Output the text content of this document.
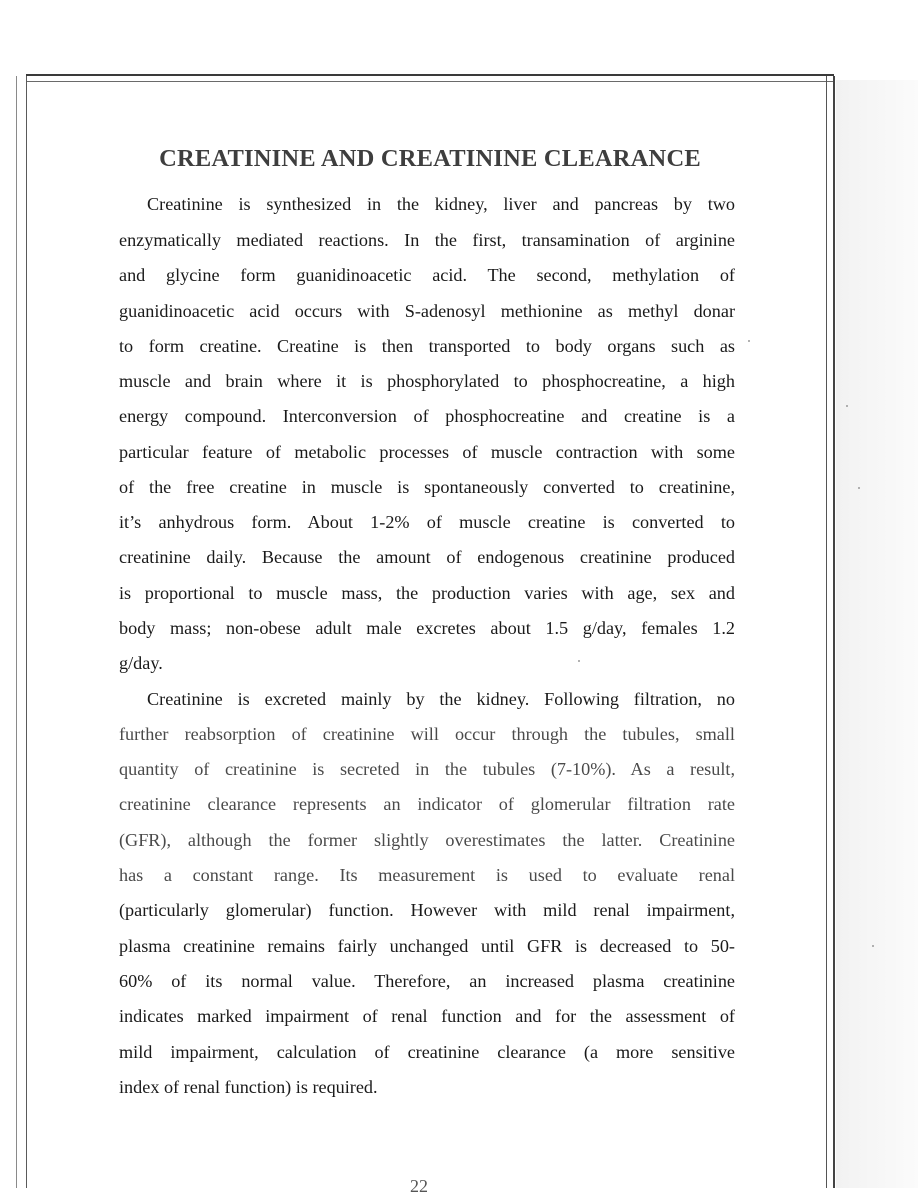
CREATININE AND CREATININE CLEARANCE
Creatinine is synthesized in the kidney, liver and pancreas by two
enzymatically mediated reactions. In the first, transamination of arginine
and glycine form guanidinoacetic acid. The second, methylation of
guanidinoacetic acid occurs with S-adenosyl methionine as methyl donar
to form creatine. Creatine is then transported to body organs such as
muscle and brain where it is phosphorylated to phosphocreatine, a high
energy compound. Interconversion of phosphocreatine and creatine is a
particular feature of metabolic processes of muscle contraction with some
of the free creatine in muscle is spontaneously converted to creatinine,
it’s anhydrous form. About 1-2% of muscle creatine is converted to
creatinine daily. Because the amount of endogenous creatinine produced
is proportional to muscle mass, the production varies with age, sex and
body mass; non-obese adult male excretes about 1.5 g/day, females 1.2
g/day.
Creatinine is excreted mainly by the kidney. Following filtration, no
further reabsorption of creatinine will occur through the tubules, small
quantity of creatinine is secreted in the tubules (7-10%). As a result,
creatinine clearance represents an indicator of glomerular filtration rate
(GFR), although the former slightly overestimates the latter. Creatinine
has a constant range. Its measurement is used to evaluate renal
(particularly glomerular) function. However with mild renal impairment,
plasma creatinine remains fairly unchanged until GFR is decreased to 50-
60% of its normal value. Therefore, an increased plasma creatinine
indicates marked impairment of renal function and for the assessment of
mild impairment, calculation of creatinine clearance (a more sensitive
index of renal function) is required.
22
